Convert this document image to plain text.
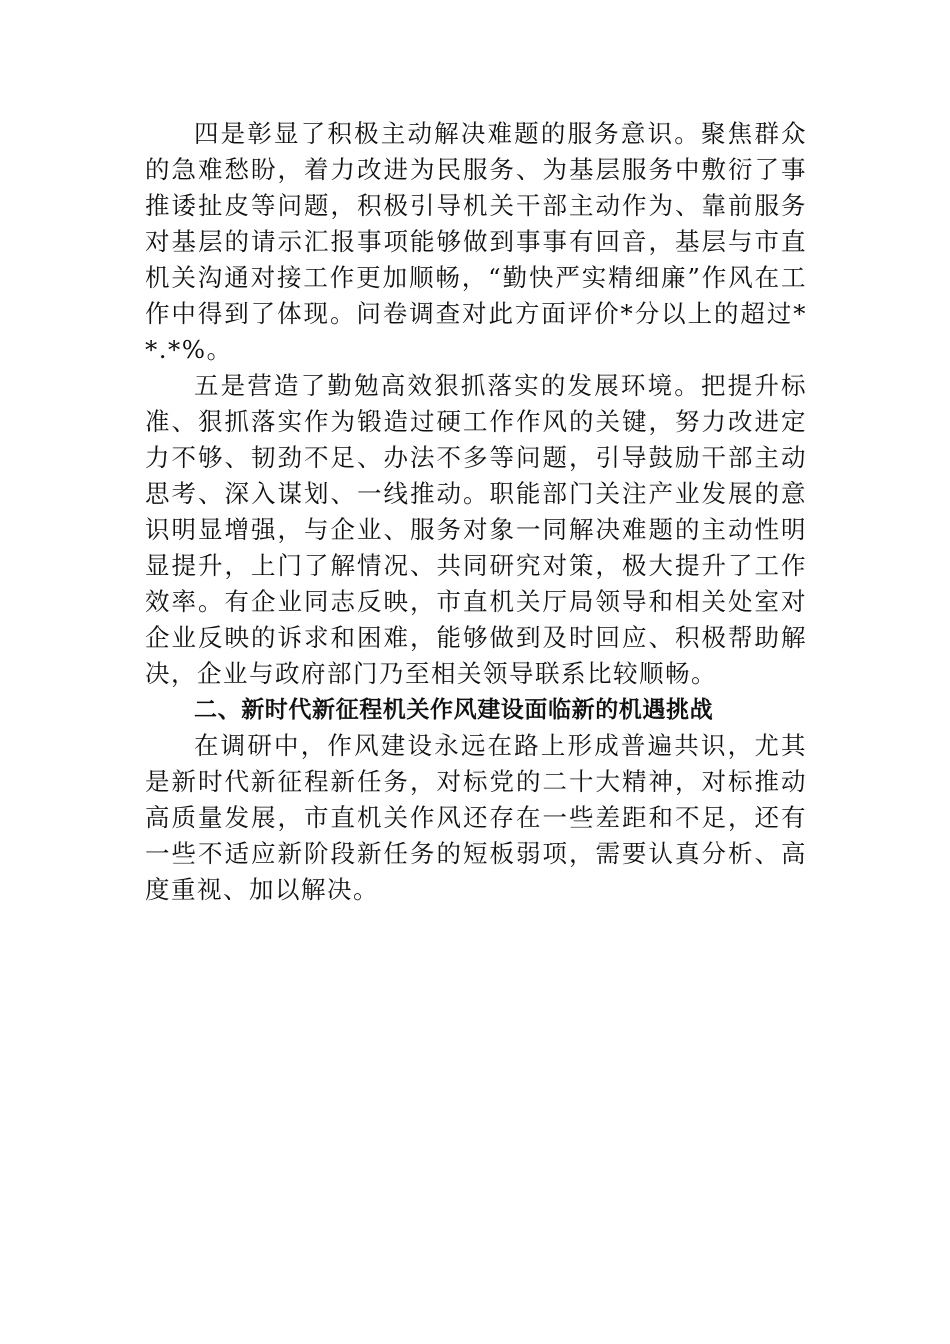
四是彰显了积极主动解决难题的服务意识。聚焦群众的急难愁盼，着力改进为民服务、为基层服务中敷衍了事推诿扯皮等问题，积极引导机关干部主动作为、靠前服务对基层的请示汇报事项能够做到事事有回音，基层与市直机关沟通对接工作更加顺畅，“勤快严实精细廉”作风在工作中得到了体现。问卷调查对此方面评价*分以上的超过**.*%。

五是营造了勤勉高效狠抓落实的发展环境。把提升标准、狠抓落实作为锻造过硬工作作风的关键，努力改进定力不够、韧劲不足、办法不多等问题，引导鼓励干部主动思考、深入谋划、一线推动。职能部门关注产业发展的意识明显增强，与企业、服务对象一同解决难题的主动性明显提升，上门了解情况、共同研究对策，极大提升了工作效率。有企业同志反映，市直机关厅局领导和相关处室对企业反映的诉求和困难，能够做到及时回应、积极帮助解决，企业与政府部门乃至相关领导联系比较顺畅。

二、新时代新征程机关作风建设面临新的机遇挑战

在调研中，作风建设永远在路上形成普遍共识，尤其是新时代新征程新任务，对标党的二十大精神，对标推动高质量发展，市直机关作风还存在一些差距和不足，还有一些不适应新阶段新任务的短板弱项，需要认真分析、高度重视、加以解决。
